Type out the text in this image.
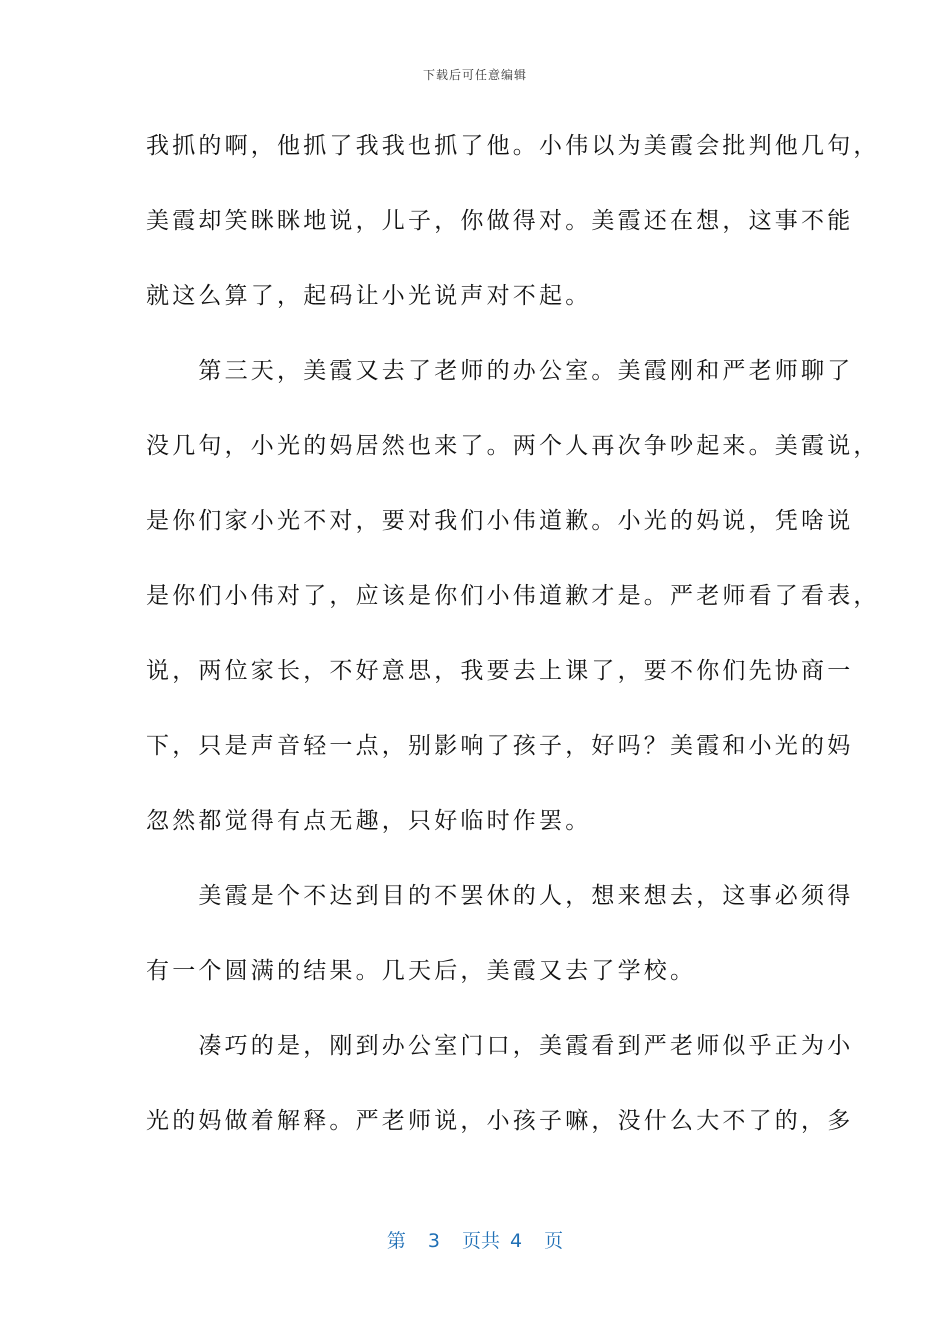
下载后可任意编辑
我抓的啊，他抓了我我也抓了他。小伟以为美霞会批判他几句，
美霞却笑眯眯地说，儿子，你做得对。美霞还在想，这事不能
就这么算了，起码让小光说声对不起。
　　第三天，美霞又去了老师的办公室。美霞刚和严老师聊了
没几句，小光的妈居然也来了。两个人再次争吵起来。美霞说，
是你们家小光不对，要对我们小伟道歉。小光的妈说，凭啥说
是你们小伟对了，应该是你们小伟道歉才是。严老师看了看表，
说，两位家长，不好意思，我要去上课了，要不你们先协商一
下，只是声音轻一点，别影响了孩子，好吗？美霞和小光的妈
忽然都觉得有点无趣，只好临时作罢。
　　美霞是个不达到目的不罢休的人，想来想去，这事必须得
有一个圆满的结果。几天后，美霞又去了学校。
　　凑巧的是，刚到办公室门口，美霞看到严老师似乎正为小
光的妈做着解释。严老师说，小孩子嘛，没什么大不了的，多
第 3 页共 4 页
